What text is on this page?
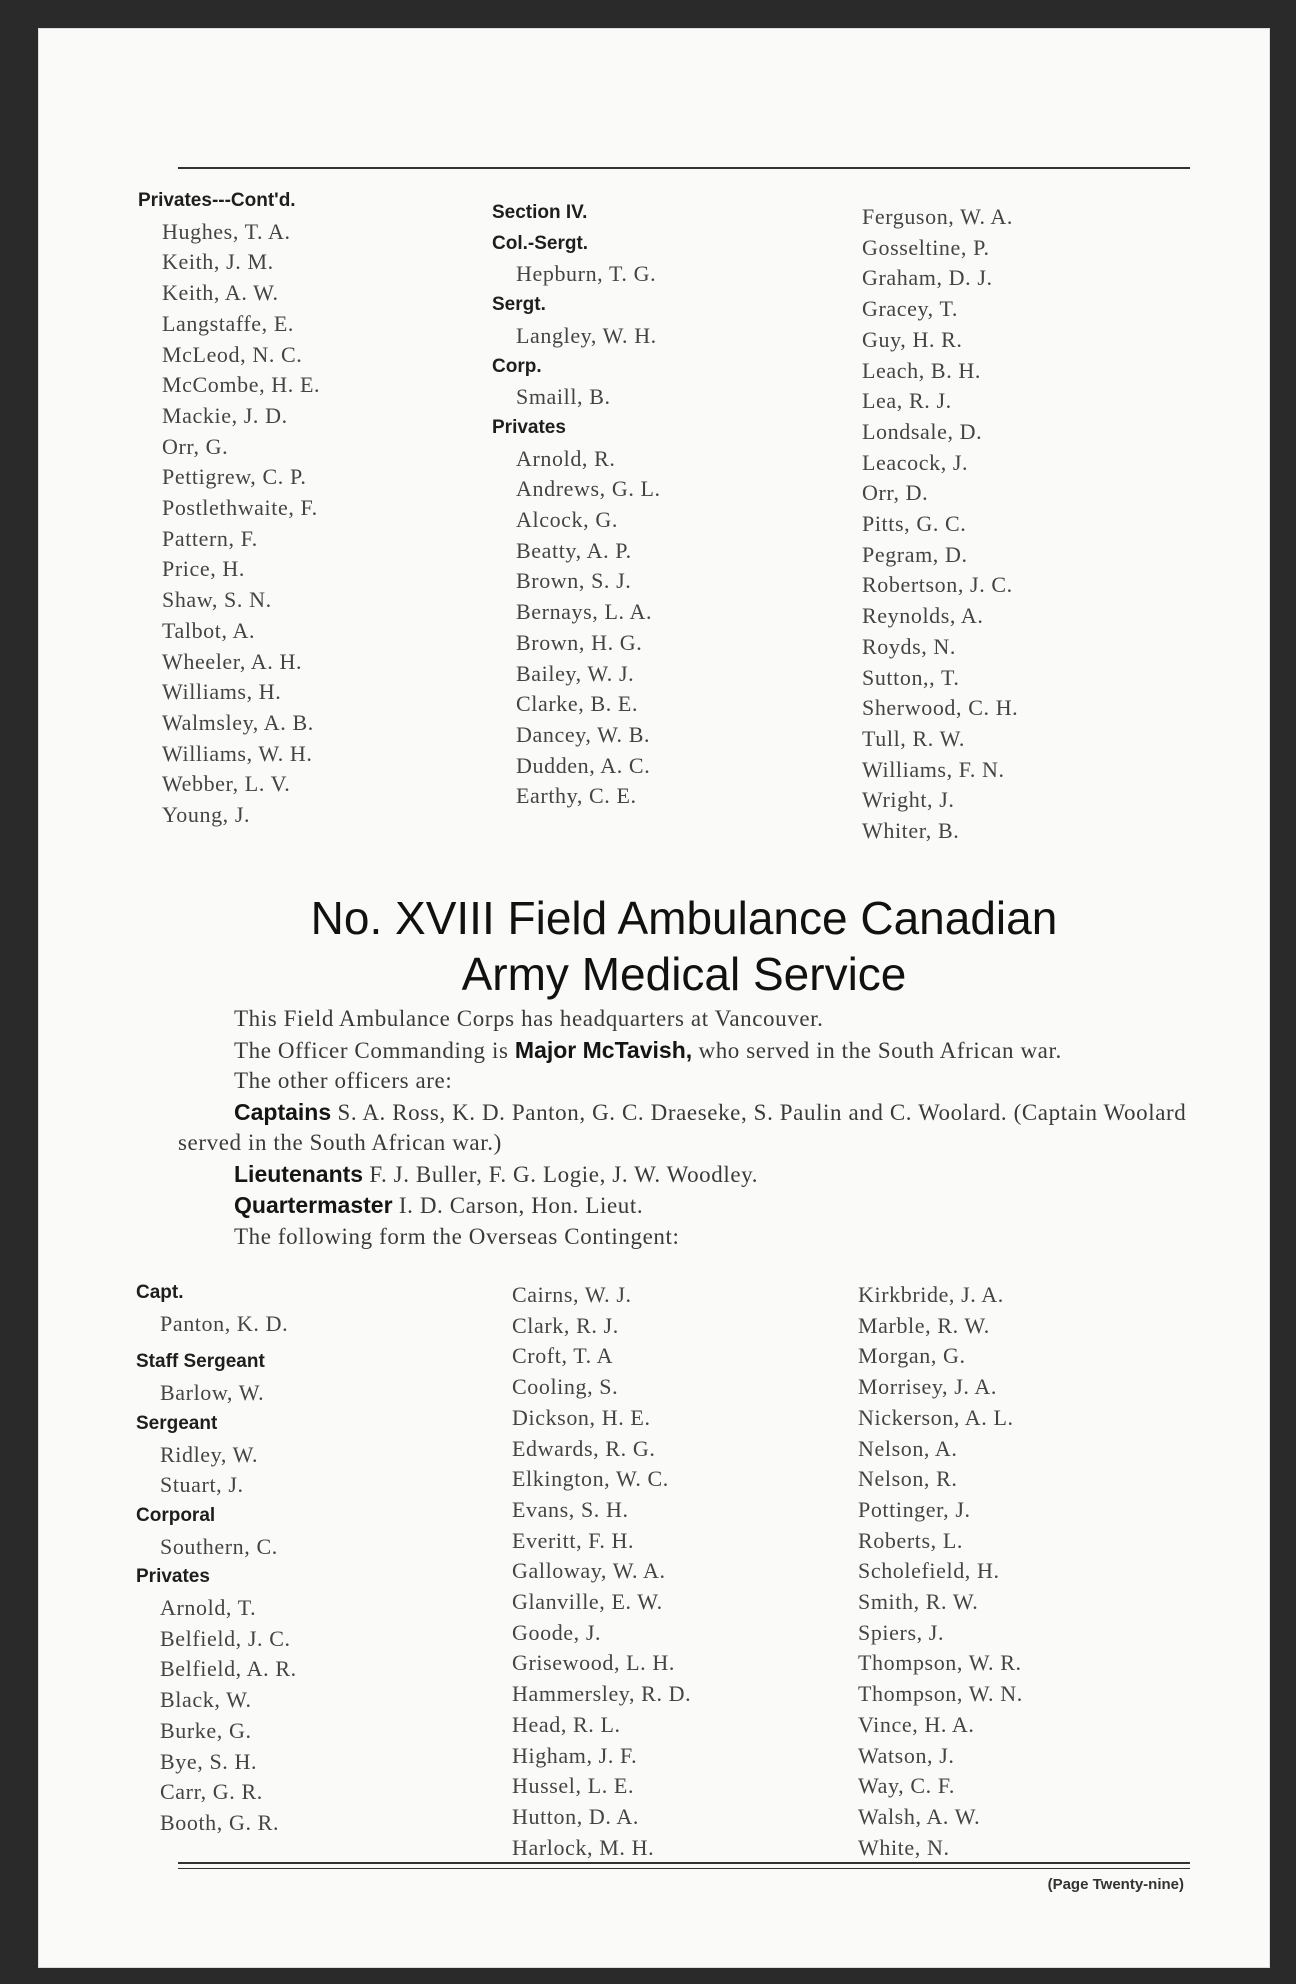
Privates---Cont'd.
Hughes, T. A.
Keith, J. M.
Keith, A. W.
Langstaffe, E.
McLeod, N. C.
McCombe, H. E.
Mackie, J. D.
Orr, G.
Pettigrew, C. P.
Postlethwaite, F.
Pattern, F.
Price, H.
Shaw, S. N.
Talbot, A.
Wheeler, A. H.
Williams, H.
Walmsley, A. B.
Williams, W. H.
Webber, L. V.
Young, J.
Section IV.
Col.-Sergt.
Hepburn, T. G.
Sergt.
Langley, W. H.
Corp.
Smaill, B.
Privates
Arnold, R.
Andrews, G. L.
Alcock, G.
Beatty, A. P.
Brown, S. J.
Bernays, L. A.
Brown, H. G.
Bailey, W. J.
Clarke, B. E.
Dancey, W. B.
Dudden, A. C.
Earthy, C. E.
Ferguson, W. A.
Gosseltine, P.
Graham, D. J.
Gracey, T.
Guy, H. R.
Leach, B. H.
Lea, R. J.
Londsale, D.
Leacock, J.
Orr, D.
Pitts, G. C.
Pegram, D.
Robertson, J. C.
Reynolds, A.
Royds, N.
Sutton,, T.
Sherwood, C. H.
Tull, R. W.
Williams, F. N.
Wright, J.
Whiter, B.
No. XVIII Field Ambulance Canadian
Army Medical Service
This Field Ambulance Corps has headquarters at Vancouver.
The Officer Commanding is Major McTavish, who served in the South African war.
The other officers are:
Captains S. A. Ross, K. D. Panton, G. C. Draeseke, S. Paulin and C. Woolard. (Captain Woolard served in the South African war.)
Lieutenants F. J. Buller, F. G. Logie, J. W. Woodley.
Quartermaster I. D. Carson, Hon. Lieut.
The following form the Overseas Contingent:
Capt.
Panton, K. D.
Staff Sergeant
Barlow, W.
Sergeant
Ridley, W.
Stuart, J.
Corporal
Southern, C.
Privates
Arnold, T.
Belfield, J. C.
Belfield, A. R.
Black, W.
Burke, G.
Bye, S. H.
Carr, G. R.
Booth, G. R.
Cairns, W. J.
Clark, R. J.
Croft, T. A
Cooling, S.
Dickson, H. E.
Edwards, R. G.
Elkington, W. C.
Evans, S. H.
Everitt, F. H.
Galloway, W. A.
Glanville, E. W.
Goode, J.
Grisewood, L. H.
Hammersley, R. D.
Head, R. L.
Higham, J. F.
Hussel, L. E.
Hutton, D. A.
Harlock, M. H.
Kirkbride, J. A.
Marble, R. W.
Morgan, G.
Morrisey, J. A.
Nickerson, A. L.
Nelson, A.
Nelson, R.
Pottinger, J.
Roberts, L.
Scholefield, H.
Smith, R. W.
Spiers, J.
Thompson, W. R.
Thompson, W. N.
Vince, H. A.
Watson, J.
Way, C. F.
Walsh, A. W.
White, N.
(Page Twenty-nine)
